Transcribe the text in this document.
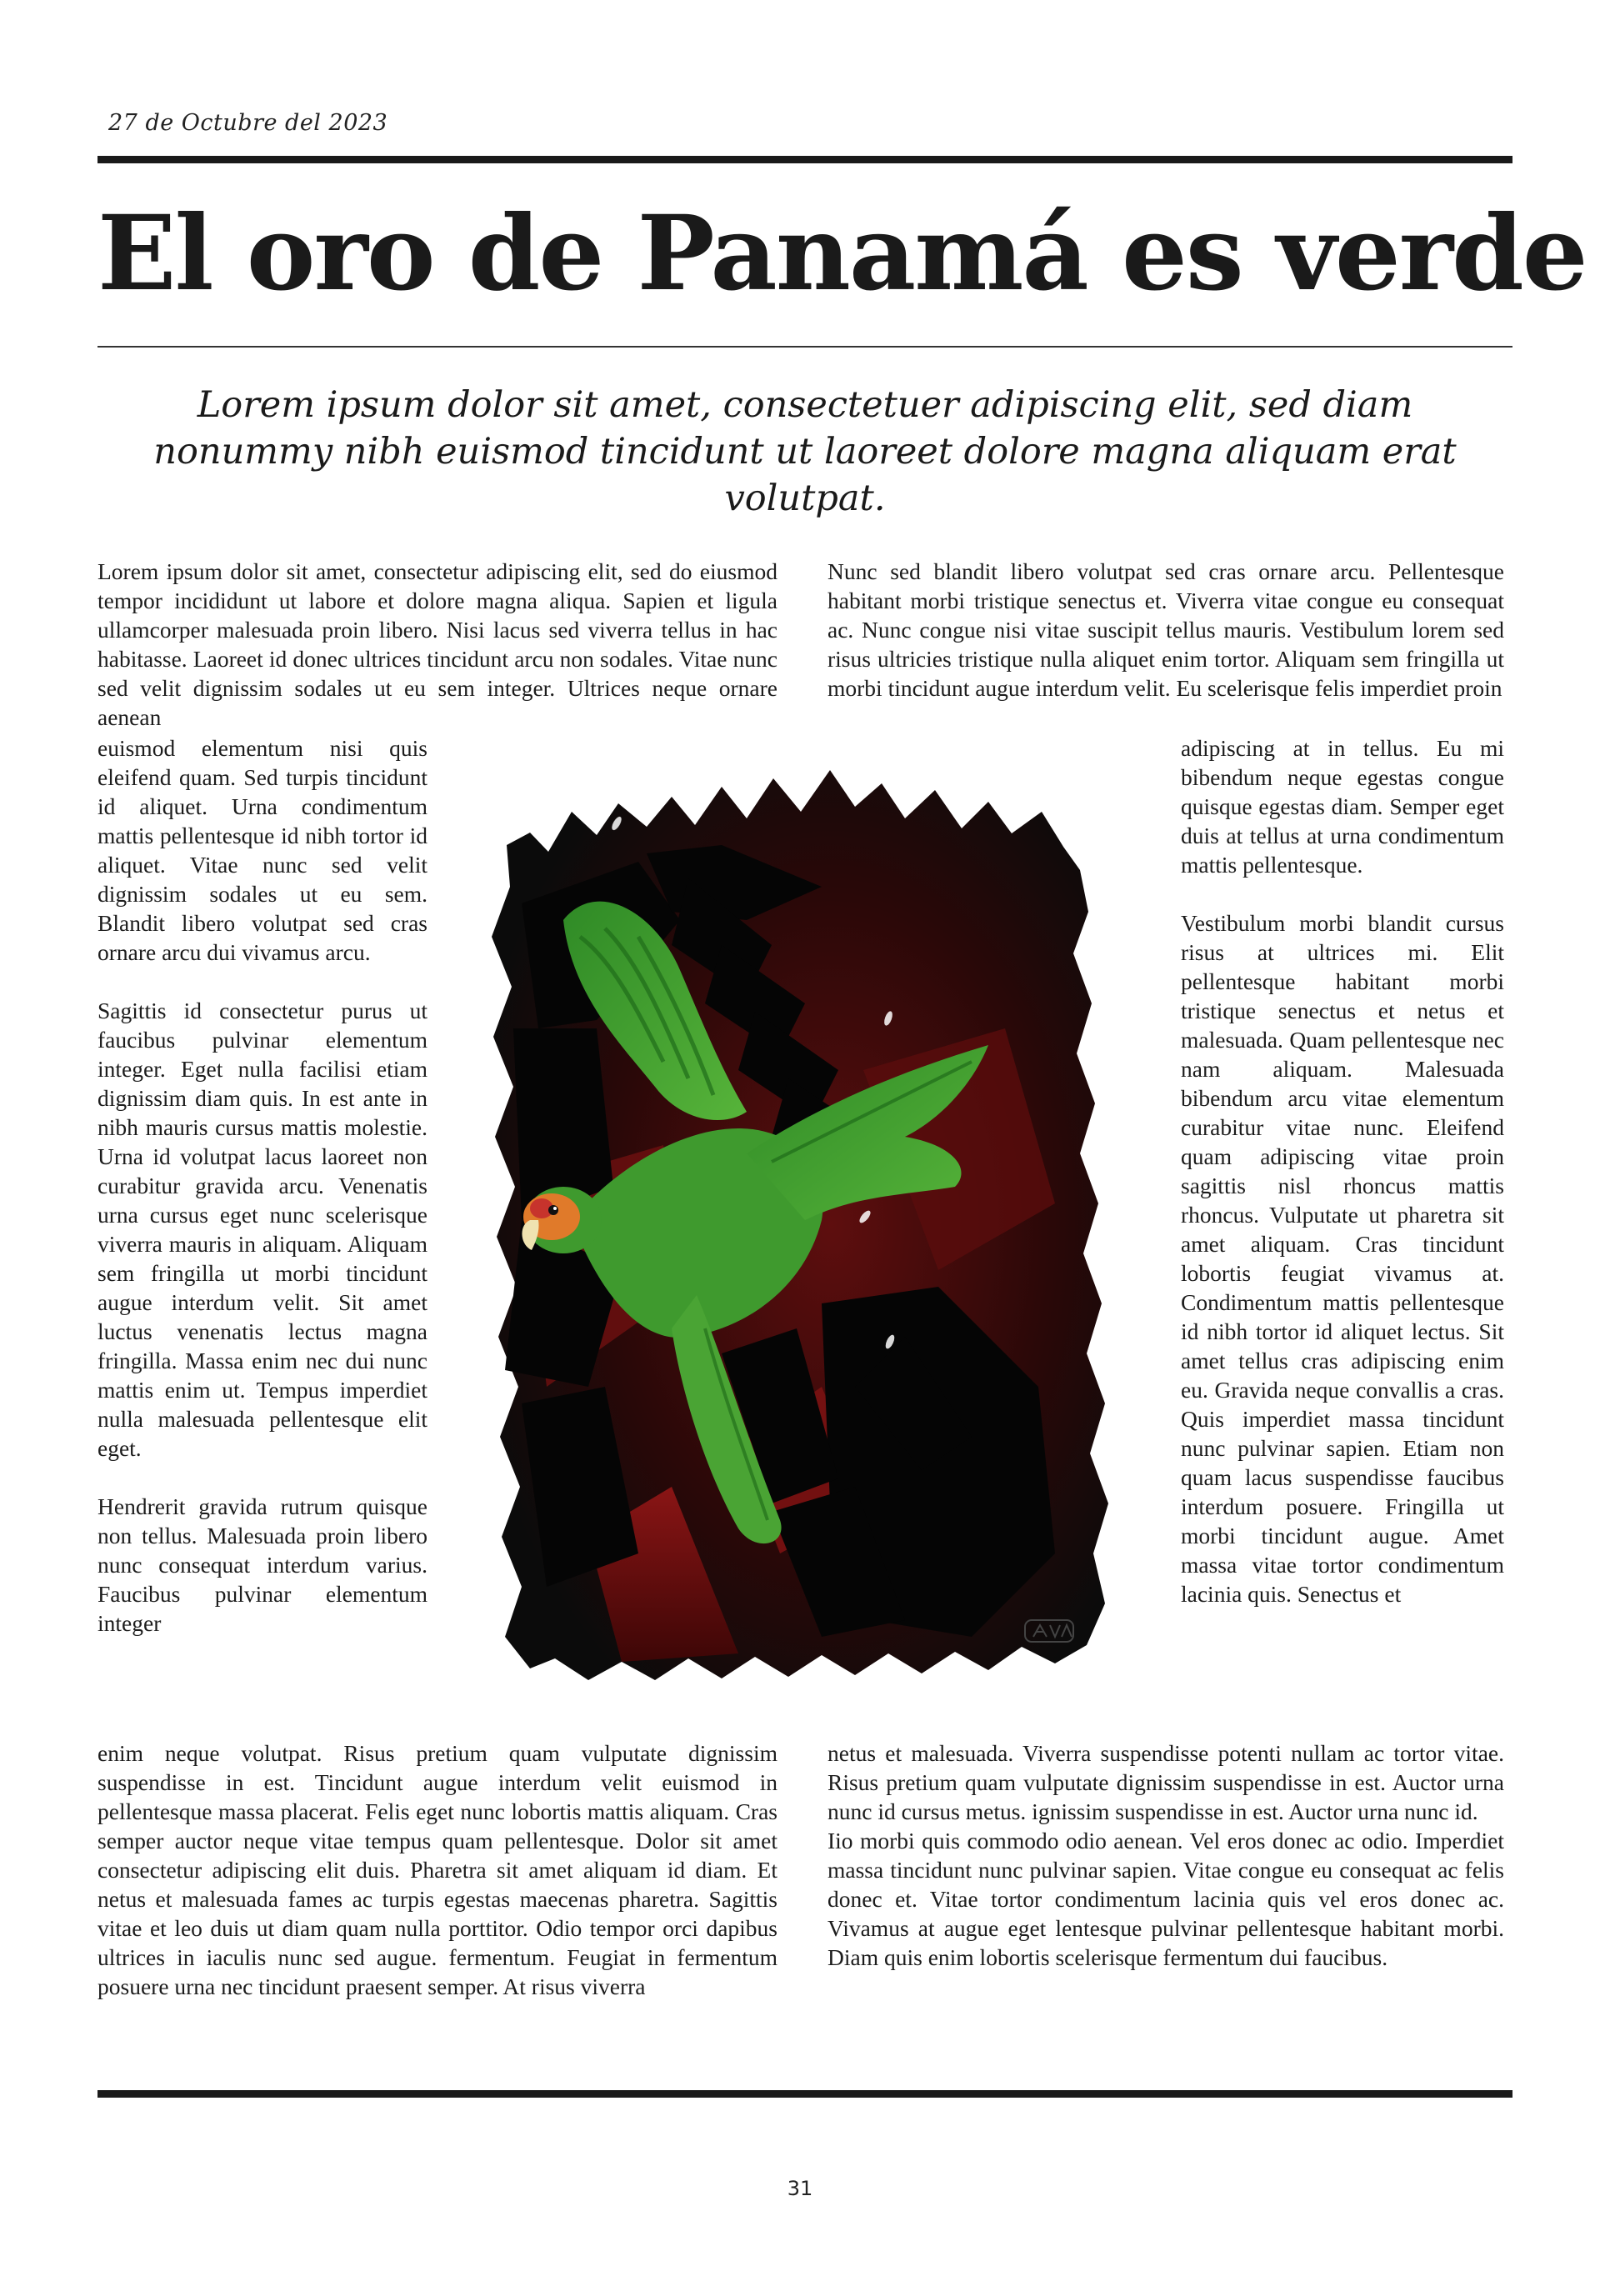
27 de Octubre del 2023
El oro de Panamá es verde

Lorem ipsum dolor sit amet, consectetuer adipiscing elit, sed diam nonummy nibh euismod tincidunt ut laoreet dolore magna aliquam erat volutpat.

Lorem ipsum dolor sit amet, consectetur adipiscing elit, sed do eiusmod tempor incididunt ut labore et dolore magna aliqua. Sapien et ligula ullamcorper malesuada proin libero. Nisi lacus sed viverra tellus in hac habitasse. Laoreet id donec ultrices tincidunt arcu non sodales. Vitae nunc sed velit dignissim sodales ut eu sem integer. Ultrices neque ornare aenean

Nunc sed blandit libero volutpat sed cras ornare arcu. Pellentesque habitant morbi tristique senectus et. Viverra vitae congue eu consequat ac. Nunc congue nisi vitae suscipit tellus mauris. Vestibulum lorem sed risus ultricies tristique nulla aliquet enim tortor. Aliquam sem fringilla ut morbi tincidunt augue interdum velit. Eu scelerisque felis imperdiet proin

euismod elementum nisi quis eleifend quam. Sed turpis tincidunt id aliquet. Urna condimentum mattis pellentesque id nibh tortor id aliquet. Vitae nunc sed velit dignissim sodales ut eu sem. Blandit libero volutpat sed cras ornare arcu dui vivamus arcu.

Sagittis id consectetur purus ut faucibus pulvinar elementum integer. Eget nulla facilisi etiam dignissim diam quis. In est ante in nibh mauris cursus mattis molestie. Urna id volutpat lacus laoreet non curabitur gravida arcu. Venenatis urna cursus eget nunc scelerisque viverra mauris in aliquam. Aliquam sem fringilla ut morbi tincidunt augue interdum velit. Sit amet luctus venenatis lectus magna fringilla. Massa enim nec dui nunc mattis enim ut. Tempus imperdiet nulla malesuada pellentesque elit eget.

Hendrerit gravida rutrum quisque non tellus. Malesuada proin libero nunc consequat interdum varius. Faucibus pulvinar elementum integer

adipiscing at in tellus. Eu mi bibendum neque egestas congue quisque egestas diam. Semper eget duis at tellus at urna condimentum mattis pellentesque.

Vestibulum morbi blandit cursus risus at ultrices mi. Elit pellentesque habitant morbi tristique senectus et netus et malesuada. Quam pellentesque nec nam aliquam. Malesuada bibendum arcu vitae elementum curabitur vitae nunc. Eleifend quam adipiscing vitae proin sagittis nisl rhoncus mattis rhoncus. Vulputate ut pharetra sit amet aliquam. Cras tincidunt lobortis feugiat vivamus at. Condimentum mattis pellentesque id nibh tortor id aliquet lectus. Sit amet tellus cras adipiscing enim eu. Gravida neque convallis a cras. Quis imperdiet massa tincidunt nunc pulvinar sapien. Etiam non quam lacus suspendisse faucibus interdum posuere. Fringilla ut morbi tincidunt augue. Amet massa vitae tortor condimentum lacinia quis. Senectus et

enim neque volutpat. Risus pretium quam vulputate dignissim suspendisse in est. Tincidunt augue interdum velit euismod in pellentesque massa placerat. Felis eget nunc lobortis mattis aliquam. Cras semper auctor neque vitae tempus quam pellentesque. Dolor sit amet consectetur adipiscing elit duis. Pharetra sit amet aliquam id diam. Et netus et malesuada fames ac turpis egestas maecenas pharetra. Sagittis vitae et leo duis ut diam quam nulla porttitor. Odio tempor orci dapibus ultrices in iaculis nunc sed augue. fermentum. Feugiat in fermentum posuere urna nec tincidunt praesent semper. At risus viverra

netus et malesuada. Viverra suspendisse potenti nullam ac tortor vitae. Risus pretium quam vulputate dignissim suspendisse in est. Auctor urna nunc id cursus metus. ignissim suspendisse in est. Auctor urna nunc id.

Iio morbi quis commodo odio aenean. Vel eros donec ac odio. Imperdiet massa tincidunt nunc pulvinar sapien. Vitae congue eu consequat ac felis donec et. Vitae tortor condimentum lacinia quis vel eros donec ac. Vivamus at augue eget lentesque pulvinar pellentesque habitant morbi. Diam quis enim lobortis scelerisque fermentum dui faucibus.

31
